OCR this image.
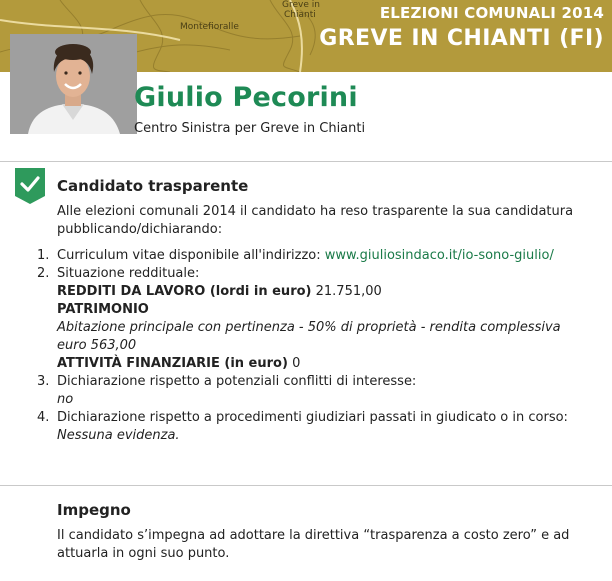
Montefioralle
Greve in
Chianti	ELEZIONI COMUNALI 2014
GREVE IN CHIANTI (FI)
Giulio Pecorini
Centro Sinistra per Greve in Chianti
Candidato trasparente

Alle elezioni comunali 2014 il candidato ha reso trasparente la sua candidatura pubblicando/dichiarando:

Curriculum vitae disponibile all'indirizzo: www.giuliosindaco.it/io-sono-giulio/
Situazione reddituale:
REDDITI DA LAVORO (lordi in euro) 21.751,00
PATRIMONIO
Abitazione principale con pertinenza - 50% di proprietà - rendita complessiva euro 563,00
ATTIVITÀ FINANZIARIE (in euro) 0
Dichiarazione rispetto a potenziali conflitti di interesse:
no
Dichiarazione rispetto a procedimenti giudiziari passati in giudicato o in corso:
Nessuna evidenza.
Impegno

Il candidato s’impegna ad adottare la direttiva “trasparenza a costo zero” e ad attuarla in ogni suo punto.
